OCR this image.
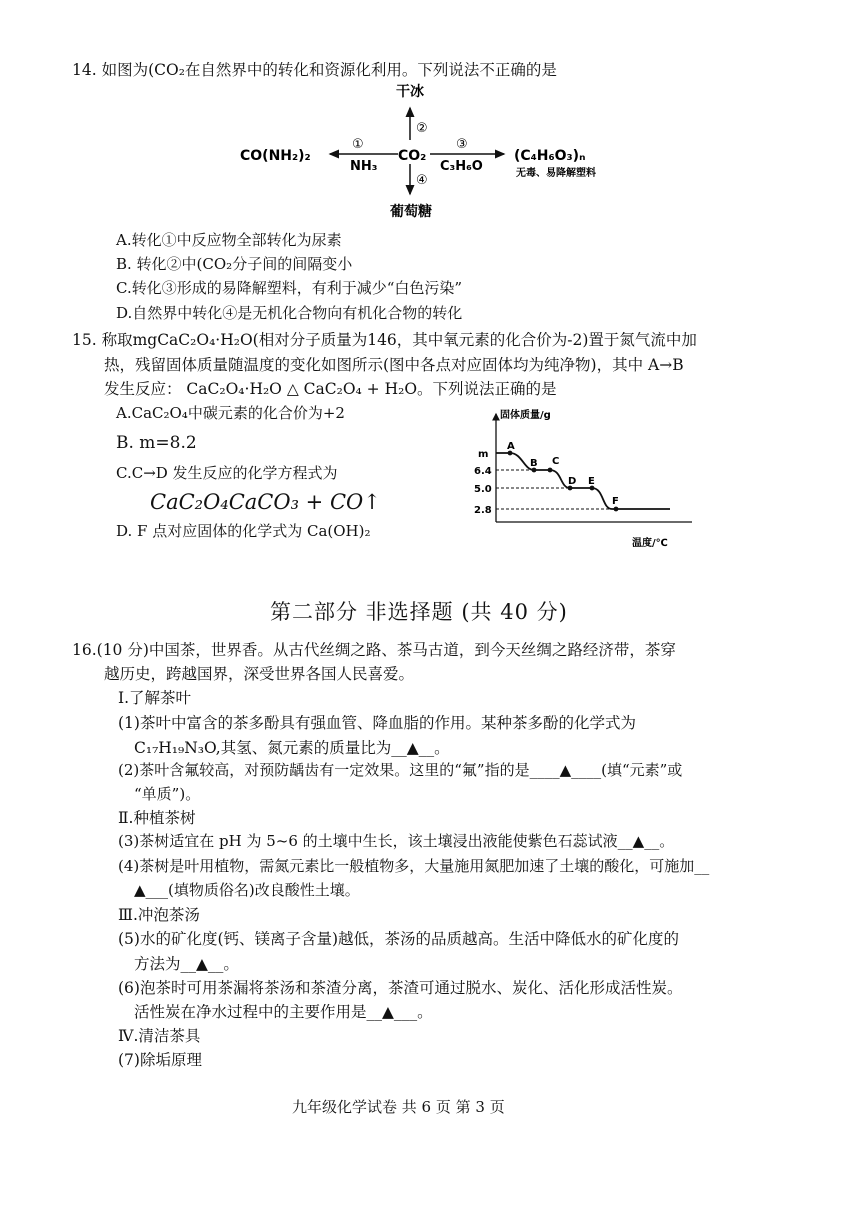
14. 如图为(CO₂在自然界中的转化和资源化利用。下列说法不正确的是
干冰
②
CO(NH₂)₂
①
NH₃
CO₂
③
C₃H₆O
(C₄H₆O₃)ₙ
无毒、易降解塑料
④
葡萄糖
A.转化①中反应物全部转化为尿素
B. 转化②中(CO₂分子间的间隔变小
C.转化③形成的易降解塑料，有利于减少“白色污染”
D.自然界中转化④是无机化合物向有机化合物的转化
15. 称取mgCaC₂O₄·H₂O(相对分子质量为146，其中氧元素的化合价为-2)置于氮气流中加
热，残留固体质量随温度的变化如图所示(图中各点对应固体均为纯净物)，其中 A→B
发生反应： CaC₂O₄·H₂O △ CaC₂O₄ + H₂O。下列说法正确的是
A.CaC₂O₄中碳元素的化合价为+2
B. m=8.2
C.C→D 发生反应的化学方程式为
CaC₂O₄CaCO₃ + CO↑
D. F 点对应固体的化学式为 Ca(OH)₂
固体质量/g
温度/℃
m
6.4
5.0
2.8
A
B C
D E
F
第二部分 非选择题 (共 40 分)
16.(10 分)中国茶，世界香。从古代丝绸之路、茶马古道，到今天丝绸之路经济带，茶穿
越历史，跨越国界，深受世界各国人民喜爱。
I.了解茶叶
(1)茶叶中富含的茶多酚具有强血管、降血脂的作用。某种茶多酚的化学式为
C₁₇H₁₉N₃O,其氢、氮元素的质量比为__▲__。
(2)茶叶含氟较高，对预防龋齿有一定效果。这里的“氟”指的是____▲____(填“元素”或
“单质”)。
Ⅱ.种植茶树
(3)茶树适宜在 pH 为 5~6 的土壤中生长，该土壤浸出液能使紫色石蕊试液__▲__。
(4)茶树是叶用植物，需氮元素比一般植物多，大量施用氮肥加速了土壤的酸化，可施加__
▲___(填物质俗名)改良酸性土壤。
Ⅲ.冲泡茶汤
(5)水的矿化度(钙、镁离子含量)越低，茶汤的品质越高。生活中降低水的矿化度的
方法为__▲__。
(6)泡茶时可用茶漏将茶汤和茶渣分离，茶渣可通过脱水、炭化、活化形成活性炭。
活性炭在净水过程中的主要作用是__▲___。
Ⅳ.清洁茶具
(7)除垢原理
九年级化学试卷 共 6 页 第 3 页
